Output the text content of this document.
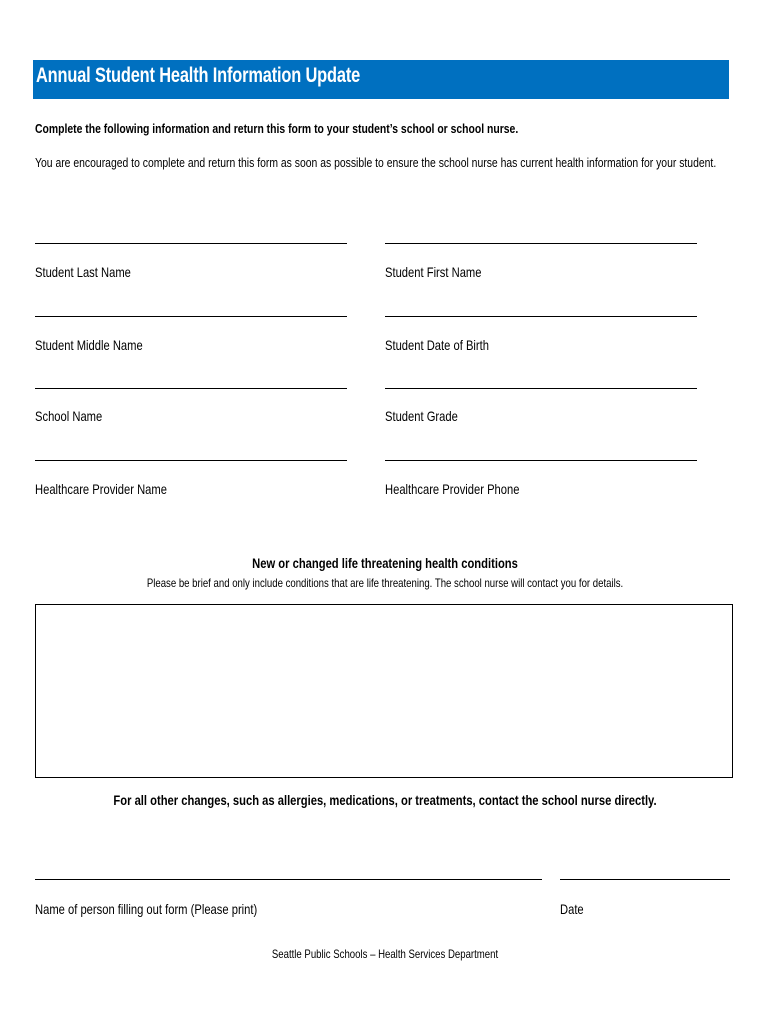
Annual Student Health Information Update
Complete the following information and return this form to your student’s school or school nurse.
You are encouraged to complete and return this form as soon as possible to ensure the school nurse has current health information for your student.
Student Last Name	Student First Name
Student Middle Name	Student Date of Birth
School Name	Student Grade
Healthcare Provider Name	Healthcare Provider Phone
New or changed life threatening health conditions
Please be brief and only include conditions that are life threatening. The school nurse will contact you for details.
For all other changes, such as allergies, medications, or treatments, contact the school nurse directly.
Name of person filling out form (Please print)	Date
Seattle Public Schools – Health Services Department
